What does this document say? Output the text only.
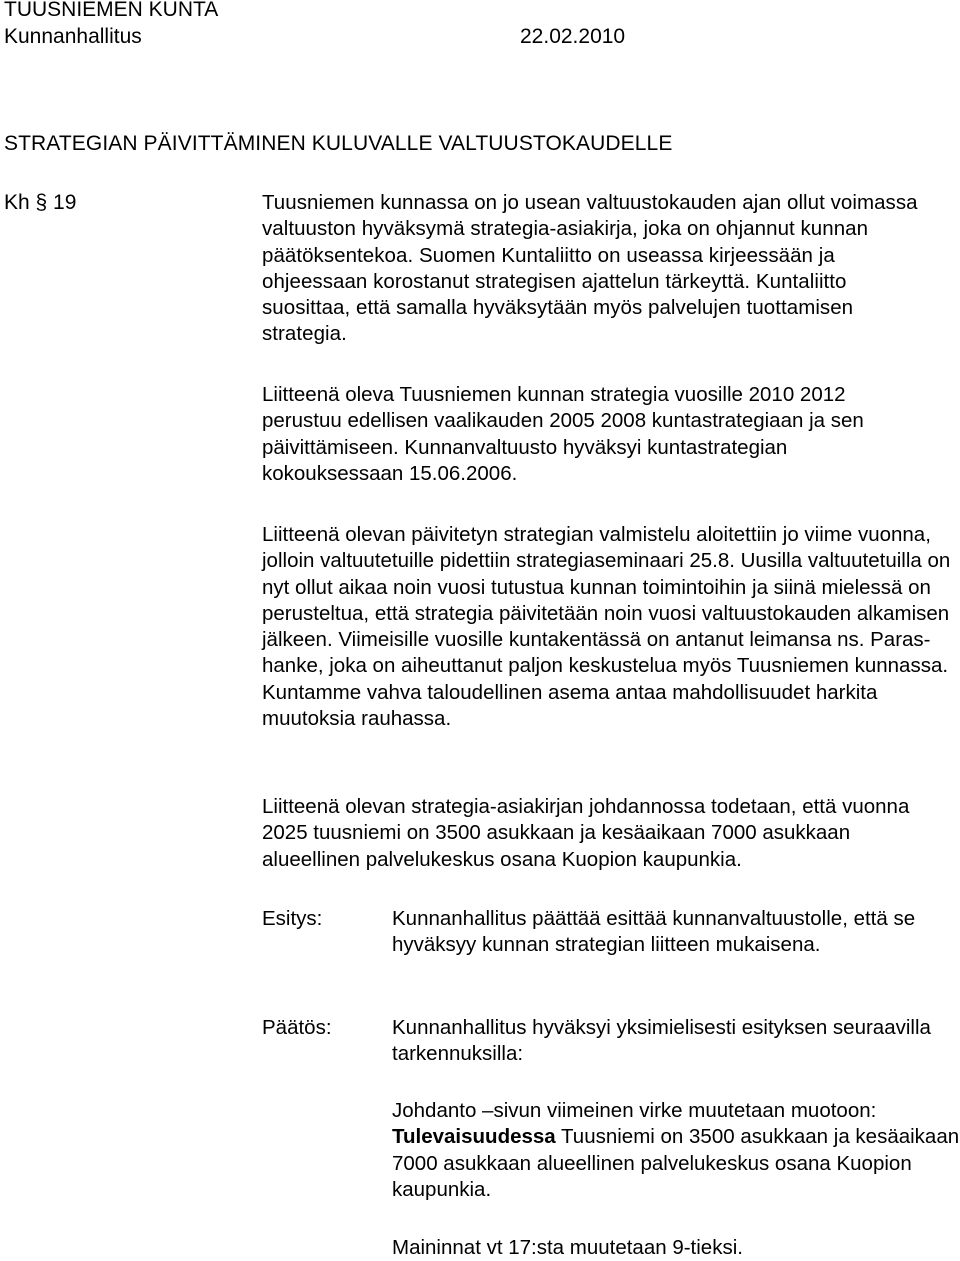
TUUSNIEMEN KUNTA
Kunnanhallitus	22.02.2010
STRATEGIAN PÄIVITTÄMINEN KULUVALLE VALTUUSTOKAUDELLE
Kh § 19	Tuusniemen kunnassa on jo usean valtuustokauden ajan ollut voimassa valtuuston hyväksymä strategia-asiakirja, joka on ohjannut kunnan päätöksentekoa. Suomen Kuntaliitto on useassa kirjeessään ja ohjeessaan korostanut strategisen ajattelun tärkeyttä. Kuntaliitto suosittaa, että samalla hyväksytään myös palvelujen tuottamisen strategia.
Liitteenä oleva Tuusniemen kunnan strategia vuosille 2010 2012 perustuu edellisen vaalikauden 2005 2008 kuntastrategiaan ja sen päivittämiseen. Kunnanvaltuusto hyväksyi kuntastrategian kokouksessaan 15.06.2006.
Liitteenä olevan päivitetyn strategian valmistelu aloitettiin jo viime vuonna, jolloin valtuutetuille pidettiin strategiaseminaari 25.8. Uusilla valtuutetuilla on nyt ollut aikaa noin vuosi tutustua kunnan toimintoihin ja siinä mielessä on perusteltua, että strategia päivitetään noin vuosi valtuustokauden alkamisen jälkeen. Viimeisille vuosille kuntakentässä on antanut leimansa ns. Paras-hanke, joka on aiheuttanut paljon keskustelua myös Tuusniemen kunnassa. Kuntamme vahva taloudellinen asema antaa mahdollisuudet harkita muutoksia rauhassa.
Liitteenä olevan strategia-asiakirjan johdannossa todetaan, että vuonna 2025 tuusniemi on 3500 asukkaan ja kesäaikaan 7000 asukkaan alueellinen palvelukeskus osana Kuopion kaupunkia.
Esitys:	Kunnanhallitus päättää esittää kunnanvaltuustolle, että se hyväksyy kunnan strategian liitteen mukaisena.
Päätös:	Kunnanhallitus hyväksyi yksimielisesti esityksen seuraavilla tarkennuksilla:
Johdanto –sivun viimeinen virke muutetaan muotoon: Tulevaisuudessa Tuusniemi on 3500 asukkaan ja kesäaikaan 7000 asukkaan alueellinen palvelukeskus osana Kuopion kaupunkia.
Maininnat vt 17:sta muutetaan 9-tieksi.
